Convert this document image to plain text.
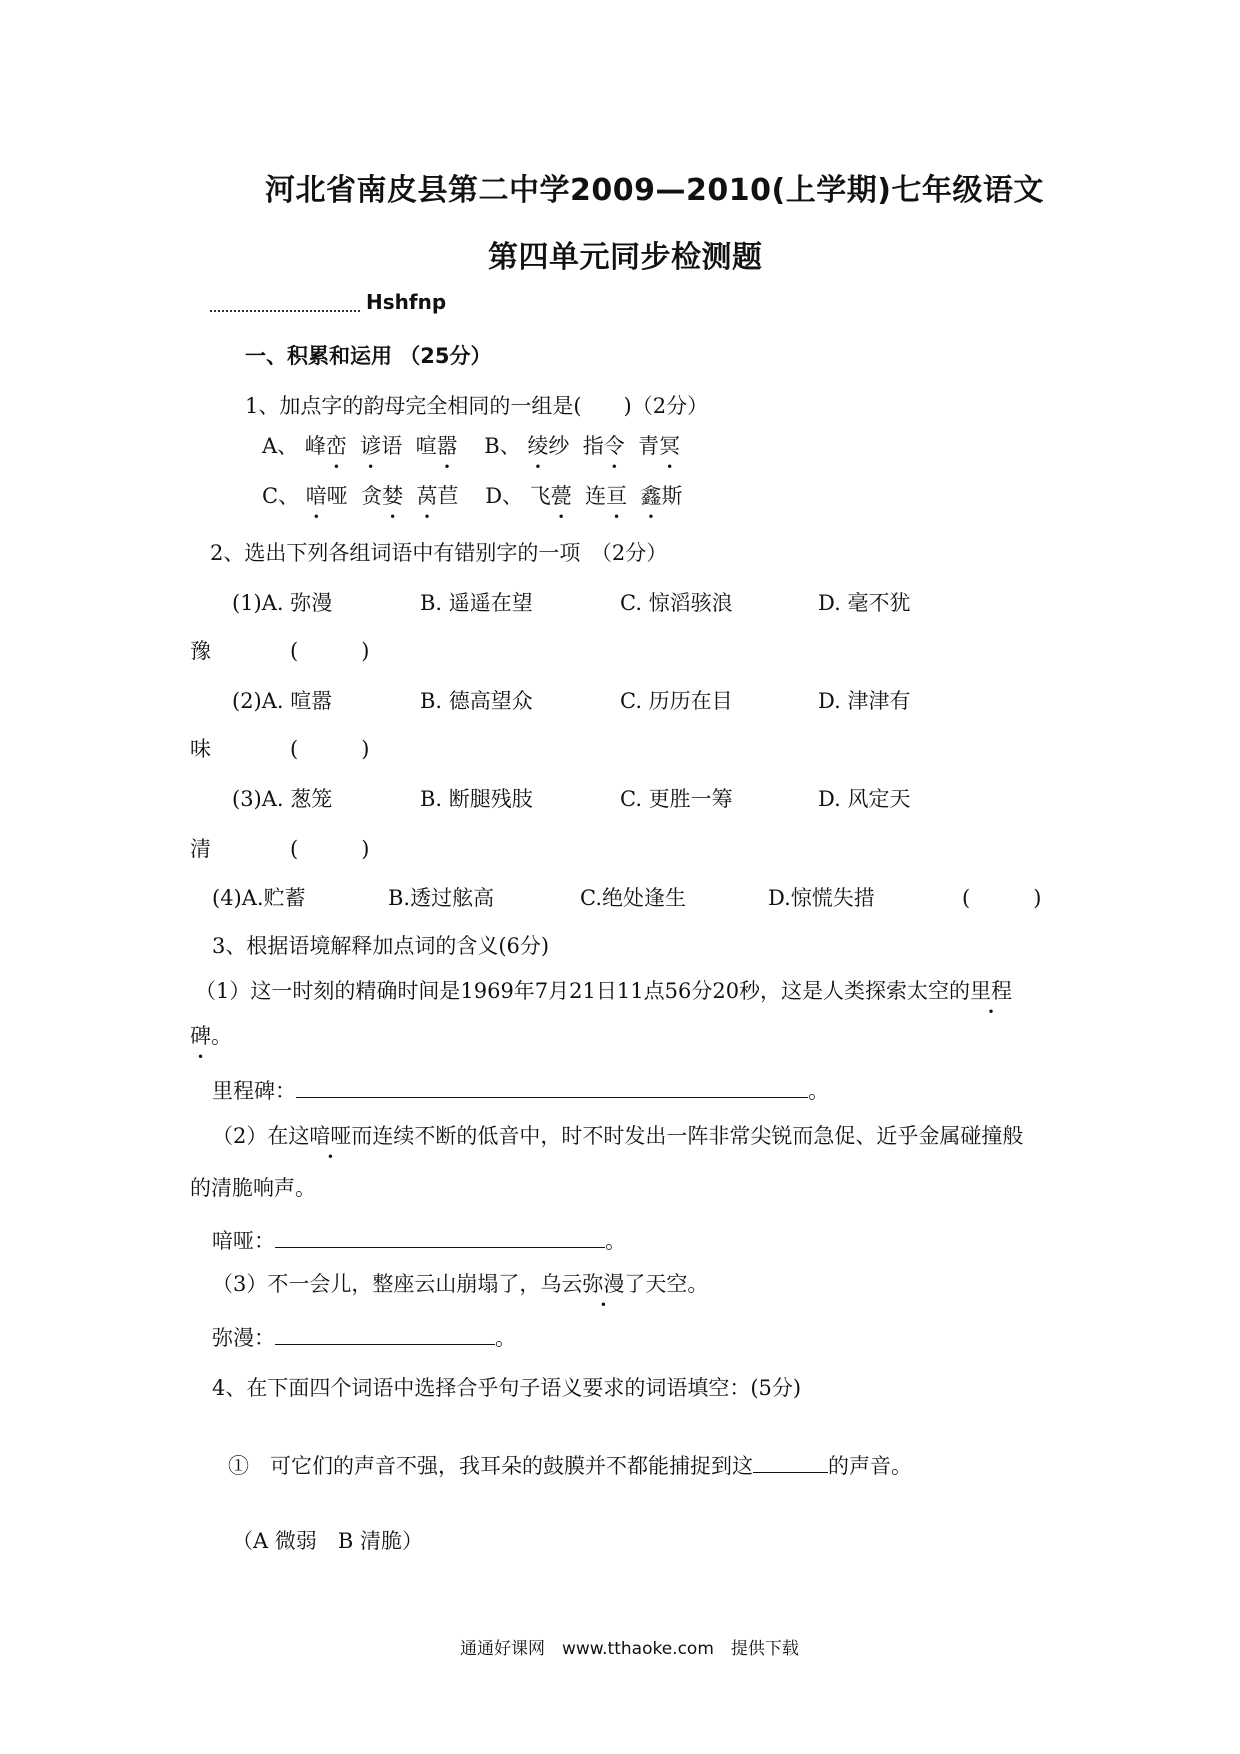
河北省南皮县第二中学2009—2010(上学期)七年级语文
第四单元同步检测题
Hshfnp
一、积累和运用 （25分）
1、加点字的韵母完全相同的一组是(　　)（2分）
A、 峰峦 谚语 喧嚣 B、 绫纱 指令 青冥
C、 喑哑 贪婪 莴苣 D、 飞甍 连亘 鑫斯
2、选出下列各组词语中有错别字的一项　（2分）
(1)A. 弥漫	B. 遥遥在望	C. 惊滔骇浪	D. 毫不犹
豫	(　　　)
(2)A. 喧嚣	B. 德高望众	C. 历历在目	D. 津津有
味	(　　　)
(3)A. 葱笼	B. 断腿残肢	C. 更胜一筹	D. 风定天
清	(　　　)
(4)A.贮蓄	B.透过舷高	C.绝处逢生	D.惊慌失措	(　　　)
3、根据语境解释加点词的含义(6分)
（1）这一时刻的精确时间是1969年7月21日11点56分20秒，这是人类探索太空的里程
碑。
里程碑：	。
（2）在这喑哑而连续不断的低音中，时不时发出一阵非常尖锐而急促、近乎金属碰撞般
的清脆响声。
喑哑：	。
（3）不一会儿，整座云山崩塌了，乌云弥漫了天空。
弥漫：	。
4、在下面四个词语中选择合乎句子语义要求的词语填空：(5分)
①　可它们的声音不强，我耳朵的鼓膜并不都能捕捉到这	的声音。
（A 微弱　B 清脆）
通通好课网　www.tthaoke.com　提供下载
